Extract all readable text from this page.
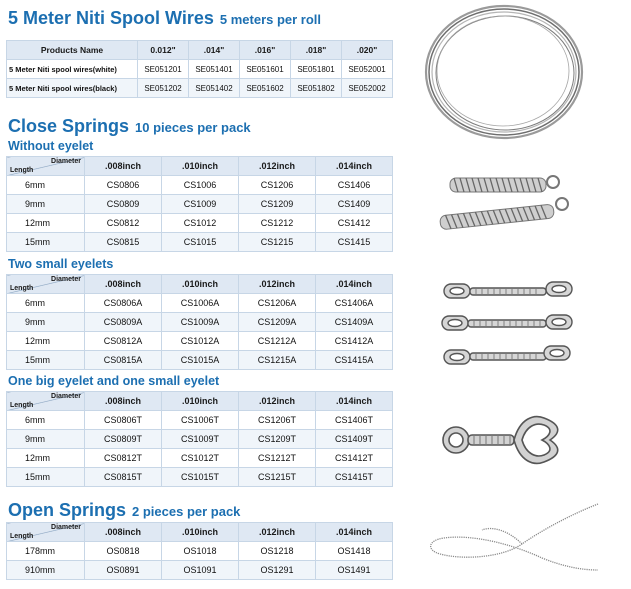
5 Meter Niti Spool Wires 5 meters per roll
Products Name	0.012"	.014"	.016"	.018"	.020"
5 Meter Niti spool wires(white)	SE051201	SE051401	SE051601	SE051801	SE052001
5 Meter Niti spool wires(black)	SE051202	SE051402	SE051602	SE051802	SE052002
Close Springs 10 pieces per pack
Without eyelet
Diameter
Length	.008inch	.010inch	.012inch	.014inch
6mm	CS0806	CS1006	CS1206	CS1406
9mm	CS0809	CS1009	CS1209	CS1409
12mm	CS0812	CS1012	CS1212	CS1412
15mm	CS0815	CS1015	CS1215	CS1415
Two small eyelets
Diameter
Length	.008inch	.010inch	.012inch	.014inch
6mm	CS0806A	CS1006A	CS1206A	CS1406A
9mm	CS0809A	CS1009A	CS1209A	CS1409A
12mm	CS0812A	CS1012A	CS1212A	CS1412A
15mm	CS0815A	CS1015A	CS1215A	CS1415A
One big eyelet and one small eyelet
Diameter
Length	.008inch	.010inch	.012inch	.014inch
6mm	CS0806T	CS1006T	CS1206T	CS1406T
9mm	CS0809T	CS1009T	CS1209T	CS1409T
12mm	CS0812T	CS1012T	CS1212T	CS1412T
15mm	CS0815T	CS1015T	CS1215T	CS1415T
Open Springs 2 pieces per pack
Diameter
Length	.008inch	.010inch	.012inch	.014inch
178mm	OS0818	OS1018	OS1218	OS1418
910mm	OS0891	OS1091	OS1291	OS1491
